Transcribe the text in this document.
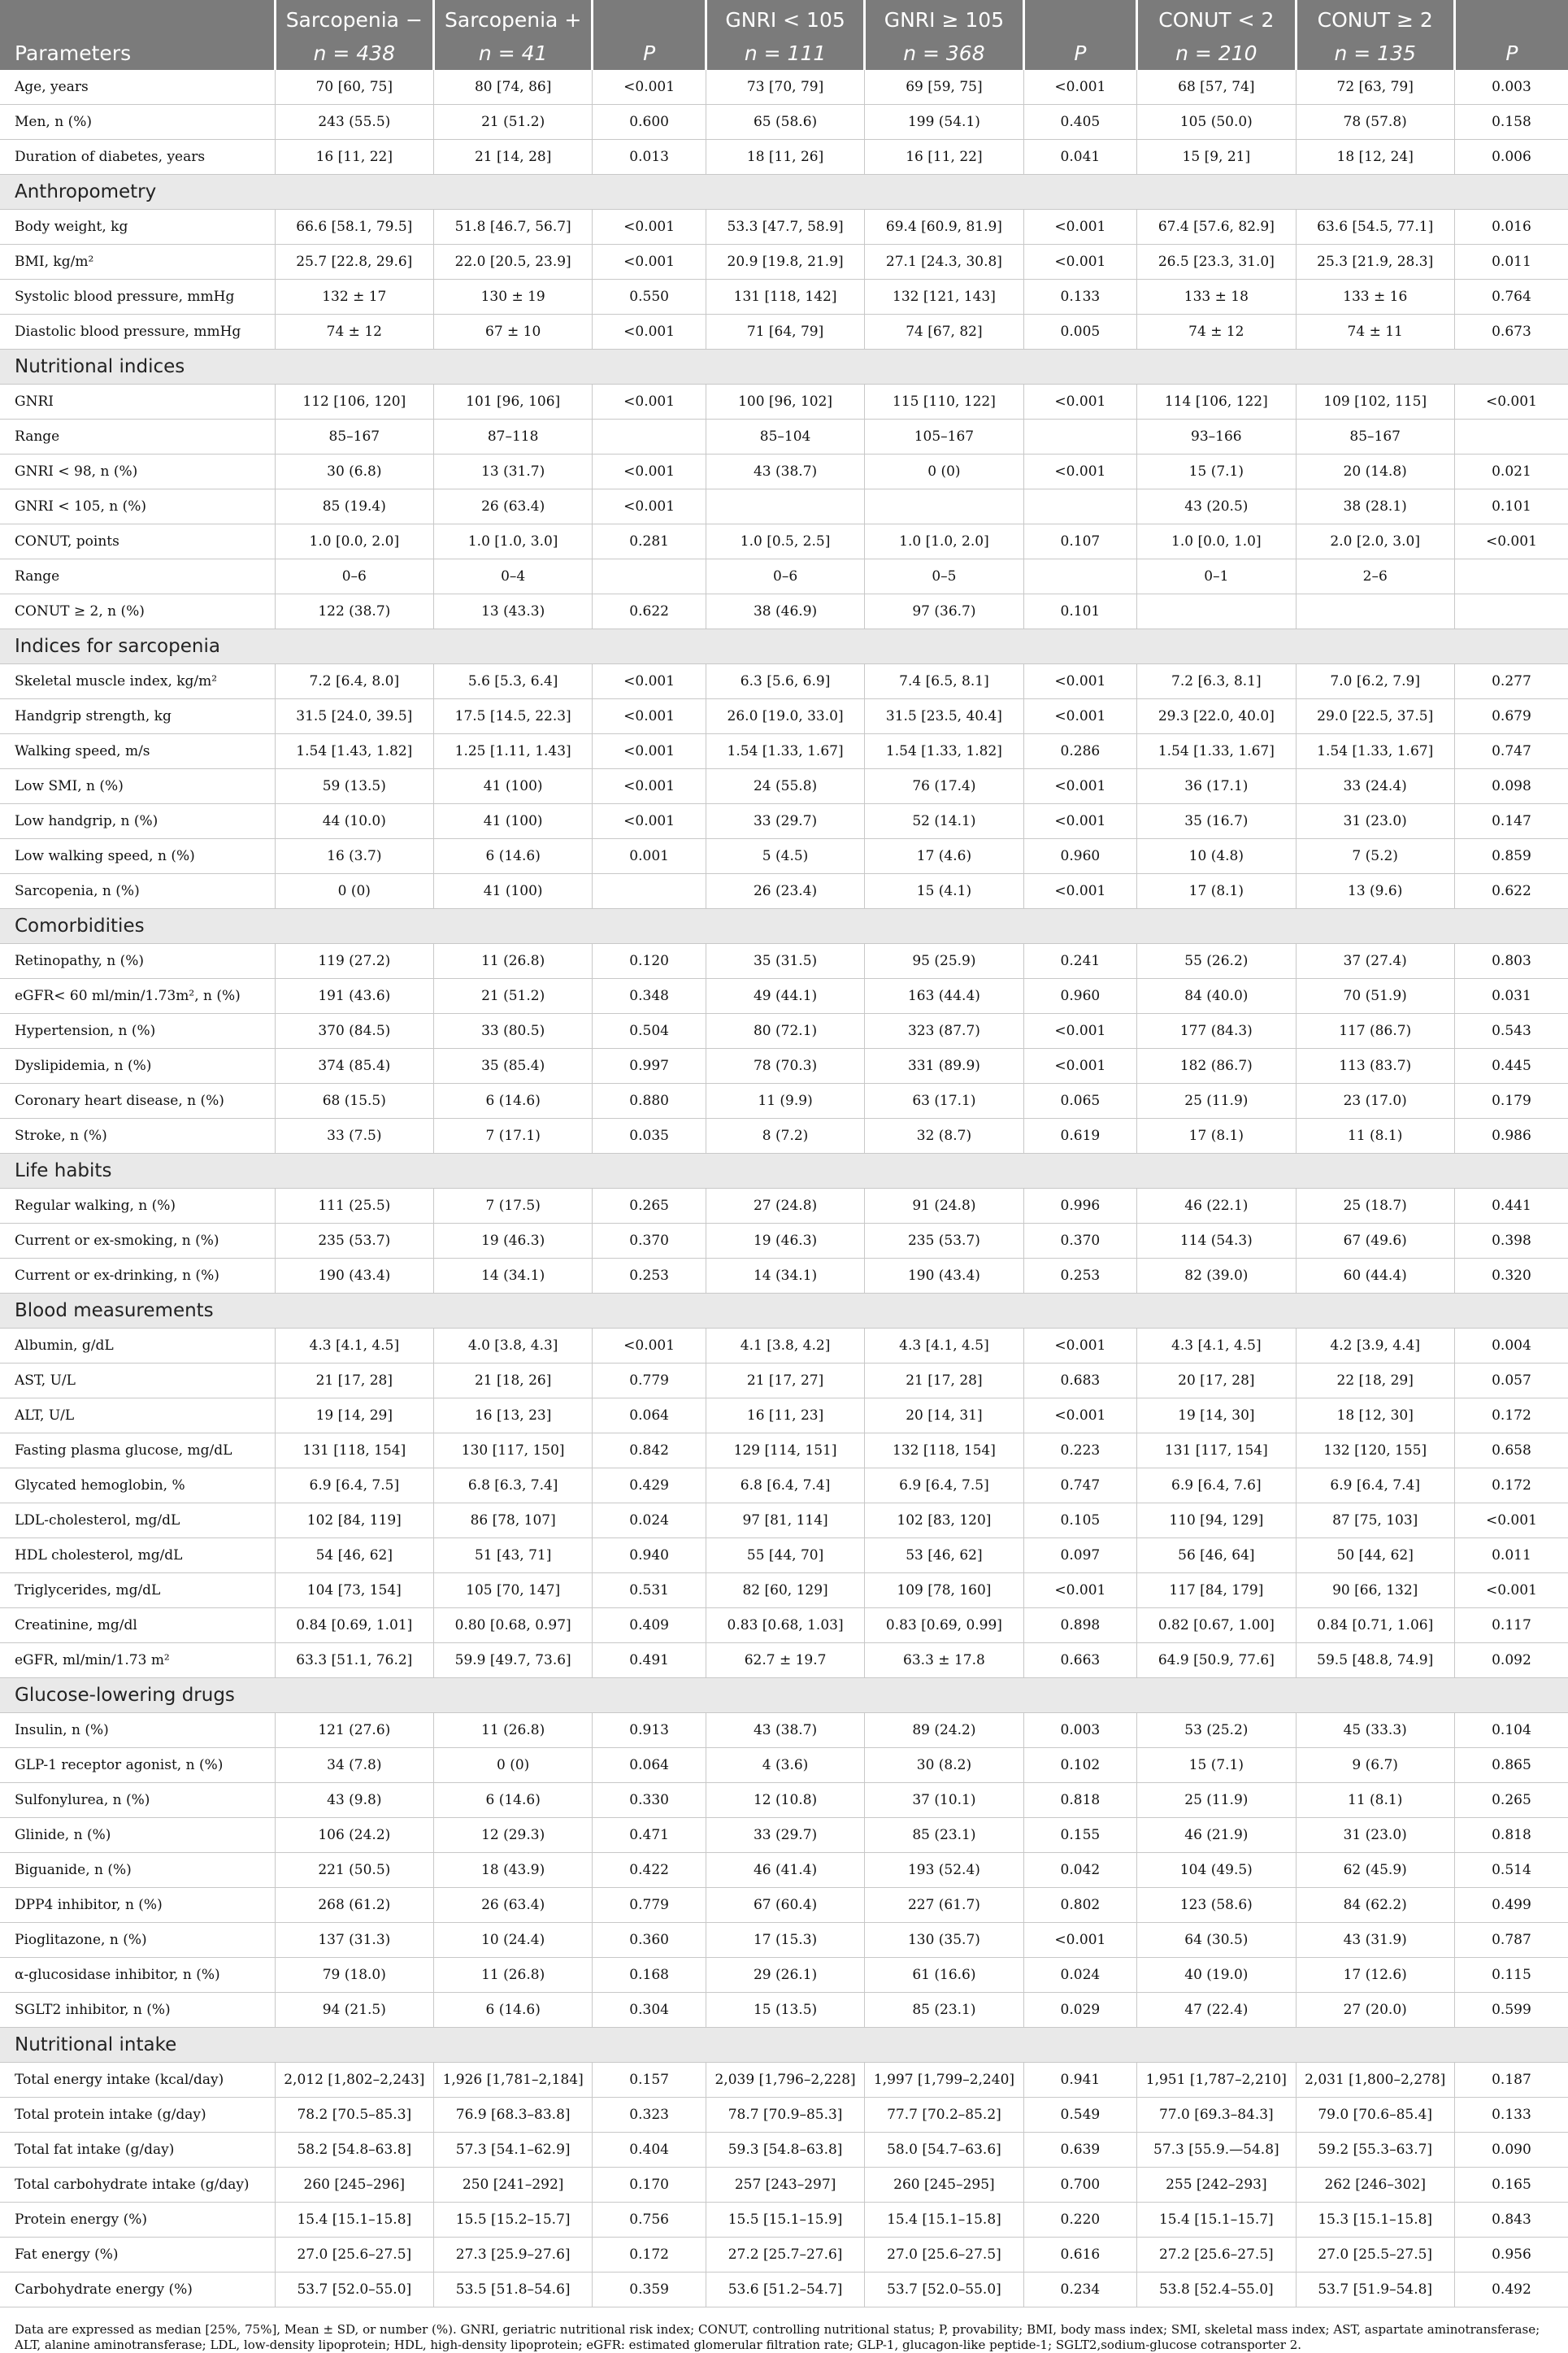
	Sarcopenia −	Sarcopenia +		GNRI < 105	GNRI ≥ 105		CONUT < 2	CONUT ≥ 2	
Parameters	n = 438	n = 41	P	n = 111	n = 368	P	n = 210	n = 135	P
Age, years	70 [60, 75]	80 [74, 86]	<0.001	73 [70, 79]	69 [59, 75]	<0.001	68 [57, 74]	72 [63, 79]	0.003
Men, n (%)	243 (55.5)	21 (51.2)	0.600	65 (58.6)	199 (54.1)	0.405	105 (50.0)	78 (57.8)	0.158
Duration of diabetes, years	16 [11, 22]	21 [14, 28]	0.013	18 [11, 26]	16 [11, 22]	0.041	15 [9, 21]	18 [12, 24]	0.006
Anthropometry									
Body weight, kg	66.6 [58.1, 79.5]	51.8 [46.7, 56.7]	<0.001	53.3 [47.7, 58.9]	69.4 [60.9, 81.9]	<0.001	67.4 [57.6, 82.9]	63.6 [54.5, 77.1]	0.016
BMI, kg/m²	25.7 [22.8, 29.6]	22.0 [20.5, 23.9]	<0.001	20.9 [19.8, 21.9]	27.1 [24.3, 30.8]	<0.001	26.5 [23.3, 31.0]	25.3 [21.9, 28.3]	0.011
Systolic blood pressure, mmHg	132 ± 17	130 ± 19	0.550	131 [118, 142]	132 [121, 143]	0.133	133 ± 18	133 ± 16	0.764
Diastolic blood pressure, mmHg	74 ± 12	67 ± 10	<0.001	71 [64, 79]	74 [67, 82]	0.005	74 ± 12	74 ± 11	0.673
Nutritional indices									
GNRI	112 [106, 120]	101 [96, 106]	<0.001	100 [96, 102]	115 [110, 122]	<0.001	114 [106, 122]	109 [102, 115]	<0.001
Range	85–167	87–118		85–104	105–167		93–166	85–167	
GNRI < 98, n (%)	30 (6.8)	13 (31.7)	<0.001	43 (38.7)	0 (0)	<0.001	15 (7.1)	20 (14.8)	0.021
GNRI < 105, n (%)	85 (19.4)	26 (63.4)	<0.001				43 (20.5)	38 (28.1)	0.101
CONUT, points	1.0 [0.0, 2.0]	1.0 [1.0, 3.0]	0.281	1.0 [0.5, 2.5]	1.0 [1.0, 2.0]	0.107	1.0 [0.0, 1.0]	2.0 [2.0, 3.0]	<0.001
Range	0–6	0–4		0–6	0–5		0–1	2–6	
CONUT ≥ 2, n (%)	122 (38.7)	13 (43.3)	0.622	38 (46.9)	97 (36.7)	0.101			
Indices for sarcopenia									
Skeletal muscle index, kg/m²	7.2 [6.4, 8.0]	5.6 [5.3, 6.4]	<0.001	6.3 [5.6, 6.9]	7.4 [6.5, 8.1]	<0.001	7.2 [6.3, 8.1]	7.0 [6.2, 7.9]	0.277
Handgrip strength, kg	31.5 [24.0, 39.5]	17.5 [14.5, 22.3]	<0.001	26.0 [19.0, 33.0]	31.5 [23.5, 40.4]	<0.001	29.3 [22.0, 40.0]	29.0 [22.5, 37.5]	0.679
Walking speed, m/s	1.54 [1.43, 1.82]	1.25 [1.11, 1.43]	<0.001	1.54 [1.33, 1.67]	1.54 [1.33, 1.82]	0.286	1.54 [1.33, 1.67]	1.54 [1.33, 1.67]	0.747
Low SMI, n (%)	59 (13.5)	41 (100)	<0.001	24 (55.8)	76 (17.4)	<0.001	36 (17.1)	33 (24.4)	0.098
Low handgrip, n (%)	44 (10.0)	41 (100)	<0.001	33 (29.7)	52 (14.1)	<0.001	35 (16.7)	31 (23.0)	0.147
Low walking speed, n (%)	16 (3.7)	6 (14.6)	0.001	5 (4.5)	17 (4.6)	0.960	10 (4.8)	7 (5.2)	0.859
Sarcopenia, n (%)	0 (0)	41 (100)		26 (23.4)	15 (4.1)	<0.001	17 (8.1)	13 (9.6)	0.622
Comorbidities									
Retinopathy, n (%)	119 (27.2)	11 (26.8)	0.120	35 (31.5)	95 (25.9)	0.241	55 (26.2)	37 (27.4)	0.803
eGFR< 60 ml/min/1.73m², n (%)	191 (43.6)	21 (51.2)	0.348	49 (44.1)	163 (44.4)	0.960	84 (40.0)	70 (51.9)	0.031
Hypertension, n (%)	370 (84.5)	33 (80.5)	0.504	80 (72.1)	323 (87.7)	<0.001	177 (84.3)	117 (86.7)	0.543
Dyslipidemia, n (%)	374 (85.4)	35 (85.4)	0.997	78 (70.3)	331 (89.9)	<0.001	182 (86.7)	113 (83.7)	0.445
Coronary heart disease, n (%)	68 (15.5)	6 (14.6)	0.880	11 (9.9)	63 (17.1)	0.065	25 (11.9)	23 (17.0)	0.179
Stroke, n (%)	33 (7.5)	7 (17.1)	0.035	8 (7.2)	32 (8.7)	0.619	17 (8.1)	11 (8.1)	0.986
Life habits									
Regular walking, n (%)	111 (25.5)	7 (17.5)	0.265	27 (24.8)	91 (24.8)	0.996	46 (22.1)	25 (18.7)	0.441
Current or ex-smoking, n (%)	235 (53.7)	19 (46.3)	0.370	19 (46.3)	235 (53.7)	0.370	114 (54.3)	67 (49.6)	0.398
Current or ex-drinking, n (%)	190 (43.4)	14 (34.1)	0.253	14 (34.1)	190 (43.4)	0.253	82 (39.0)	60 (44.4)	0.320
Blood measurements									
Albumin, g/dL	4.3 [4.1, 4.5]	4.0 [3.8, 4.3]	<0.001	4.1 [3.8, 4.2]	4.3 [4.1, 4.5]	<0.001	4.3 [4.1, 4.5]	4.2 [3.9, 4.4]	0.004
AST, U/L	21 [17, 28]	21 [18, 26]	0.779	21 [17, 27]	21 [17, 28]	0.683	20 [17, 28]	22 [18, 29]	0.057
ALT, U/L	19 [14, 29]	16 [13, 23]	0.064	16 [11, 23]	20 [14, 31]	<0.001	19 [14, 30]	18 [12, 30]	0.172
Fasting plasma glucose, mg/dL	131 [118, 154]	130 [117, 150]	0.842	129 [114, 151]	132 [118, 154]	0.223	131 [117, 154]	132 [120, 155]	0.658
Glycated hemoglobin, %	6.9 [6.4, 7.5]	6.8 [6.3, 7.4]	0.429	6.8 [6.4, 7.4]	6.9 [6.4, 7.5]	0.747	6.9 [6.4, 7.6]	6.9 [6.4, 7.4]	0.172
LDL-cholesterol, mg/dL	102 [84, 119]	86 [78, 107]	0.024	97 [81, 114]	102 [83, 120]	0.105	110 [94, 129]	87 [75, 103]	<0.001
HDL cholesterol, mg/dL	54 [46, 62]	51 [43, 71]	0.940	55 [44, 70]	53 [46, 62]	0.097	56 [46, 64]	50 [44, 62]	0.011
Triglycerides, mg/dL	104 [73, 154]	105 [70, 147]	0.531	82 [60, 129]	109 [78, 160]	<0.001	117 [84, 179]	90 [66, 132]	<0.001
Creatinine, mg/dl	0.84 [0.69, 1.01]	0.80 [0.68, 0.97]	0.409	0.83 [0.68, 1.03]	0.83 [0.69, 0.99]	0.898	0.82 [0.67, 1.00]	0.84 [0.71, 1.06]	0.117
eGFR, ml/min/1.73 m²	63.3 [51.1, 76.2]	59.9 [49.7, 73.6]	0.491	62.7 ± 19.7	63.3 ± 17.8	0.663	64.9 [50.9, 77.6]	59.5 [48.8, 74.9]	0.092
Glucose-lowering drugs									
Insulin, n (%)	121 (27.6)	11 (26.8)	0.913	43 (38.7)	89 (24.2)	0.003	53 (25.2)	45 (33.3)	0.104
GLP-1 receptor agonist, n (%)	34 (7.8)	0 (0)	0.064	4 (3.6)	30 (8.2)	0.102	15 (7.1)	9 (6.7)	0.865
Sulfonylurea, n (%)	43 (9.8)	6 (14.6)	0.330	12 (10.8)	37 (10.1)	0.818	25 (11.9)	11 (8.1)	0.265
Glinide, n (%)	106 (24.2)	12 (29.3)	0.471	33 (29.7)	85 (23.1)	0.155	46 (21.9)	31 (23.0)	0.818
Biguanide, n (%)	221 (50.5)	18 (43.9)	0.422	46 (41.4)	193 (52.4)	0.042	104 (49.5)	62 (45.9)	0.514
DPP4 inhibitor, n (%)	268 (61.2)	26 (63.4)	0.779	67 (60.4)	227 (61.7)	0.802	123 (58.6)	84 (62.2)	0.499
Pioglitazone, n (%)	137 (31.3)	10 (24.4)	0.360	17 (15.3)	130 (35.7)	<0.001	64 (30.5)	43 (31.9)	0.787
α-glucosidase inhibitor, n (%)	79 (18.0)	11 (26.8)	0.168	29 (26.1)	61 (16.6)	0.024	40 (19.0)	17 (12.6)	0.115
SGLT2 inhibitor, n (%)	94 (21.5)	6 (14.6)	0.304	15 (13.5)	85 (23.1)	0.029	47 (22.4)	27 (20.0)	0.599
Nutritional intake									
Total energy intake (kcal/day)	2,012 [1,802–2,243]	1,926 [1,781–2,184]	0.157	2,039 [1,796–2,228]	1,997 [1,799–2,240]	0.941	1,951 [1,787–2,210]	2,031 [1,800–2,278]	0.187
Total protein intake (g/day)	78.2 [70.5–85.3]	76.9 [68.3–83.8]	0.323	78.7 [70.9–85.3]	77.7 [70.2–85.2]	0.549	77.0 [69.3–84.3]	79.0 [70.6–85.4]	0.133
Total fat intake (g/day)	58.2 [54.8–63.8]	57.3 [54.1–62.9]	0.404	59.3 [54.8–63.8]	58.0 [54.7–63.6]	0.639	57.3 [55.9.—54.8]	59.2 [55.3–63.7]	0.090
Total carbohydrate intake (g/day)	260 [245–296]	250 [241–292]	0.170	257 [243–297]	260 [245–295]	0.700	255 [242–293]	262 [246–302]	0.165
Protein energy (%)	15.4 [15.1–15.8]	15.5 [15.2–15.7]	0.756	15.5 [15.1–15.9]	15.4 [15.1–15.8]	0.220	15.4 [15.1–15.7]	15.3 [15.1–15.8]	0.843
Fat energy (%)	27.0 [25.6–27.5]	27.3 [25.9–27.6]	0.172	27.2 [25.7–27.6]	27.0 [25.6–27.5]	0.616	27.2 [25.6–27.5]	27.0 [25.5–27.5]	0.956
Carbohydrate energy (%)	53.7 [52.0–55.0]	53.5 [51.8–54.6]	0.359	53.6 [51.2–54.7]	53.7 [52.0–55.0]	0.234	53.8 [52.4–55.0]	53.7 [51.9–54.8]	0.492
Data are expressed as median [25%, 75%], Mean ± SD, or number (%). GNRI, geriatric nutritional risk index; CONUT, controlling nutritional status; P, provability; BMI, body mass index; SMI, skeletal mass index; AST, aspartate aminotransferase; ALT, alanine aminotransferase; LDL, low-density lipoprotein; HDL, high-density lipoprotein; eGFR: estimated glomerular filtration rate; GLP-1, glucagon-like peptide-1; SGLT2,sodium-glucose cotransporter 2.
